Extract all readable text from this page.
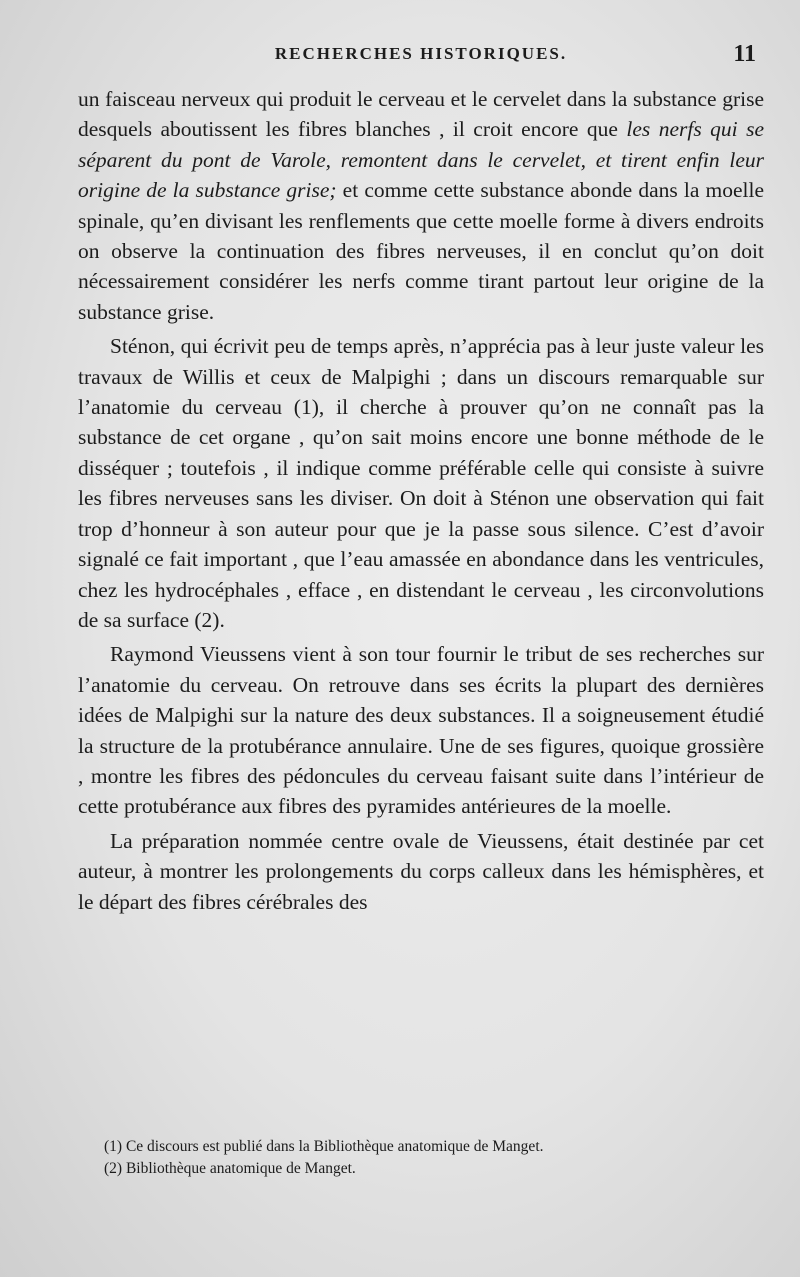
RECHERCHES HISTORIQUES.	11

un faisceau nerveux qui produit le cerveau et le cervelet dans la substance grise desquels aboutissent les fibres blanches , il croit encore que les nerfs qui se séparent du pont de Varole, remontent dans le cervelet, et tirent enfin leur origine de la substance grise; et comme cette substance abonde dans la moelle spinale, qu’en divisant les renflements que cette moelle forme à divers endroits on observe la continuation des fibres nerveuses, il en conclut qu’on doit nécessairement considérer les nerfs comme tirant partout leur origine de la substance grise.

Sténon, qui écrivit peu de temps après, n’apprécia pas à leur juste valeur les travaux de Willis et ceux de Malpighi ; dans un discours remarquable sur l’anatomie du cerveau (1), il cherche à prouver qu’on ne connaît pas la substance de cet organe , qu’on sait moins encore une bonne méthode de le disséquer ; toutefois , il indique comme préférable celle qui consiste à suivre les fibres nerveuses sans les diviser. On doit à Sténon une observation qui fait trop d’honneur à son auteur pour que je la passe sous silence. C’est d’avoir signalé ce fait important , que l’eau amassée en abondance dans les ventricules, chez les hydrocéphales , efface , en distendant le cerveau , les circonvolutions de sa surface (2).

Raymond Vieussens vient à son tour fournir le tribut de ses recherches sur l’anatomie du cerveau. On retrouve dans ses écrits la plupart des dernières idées de Malpighi sur la nature des deux substances. Il a soigneusement étudié la structure de la protubérance annulaire. Une de ses figures, quoique grossière , montre les fibres des pédoncules du cerveau faisant suite dans l’intérieur de cette protubérance aux fibres des pyramides antérieures de la moelle.

La préparation nommée centre ovale de Vieussens, était destinée par cet auteur, à montrer les prolongements du corps calleux dans les hémisphères, et le départ des fibres cérébrales des

(1) Ce discours est publié dans la Bibliothèque anatomique de Manget.

(2) Bibliothèque anatomique de Manget.
